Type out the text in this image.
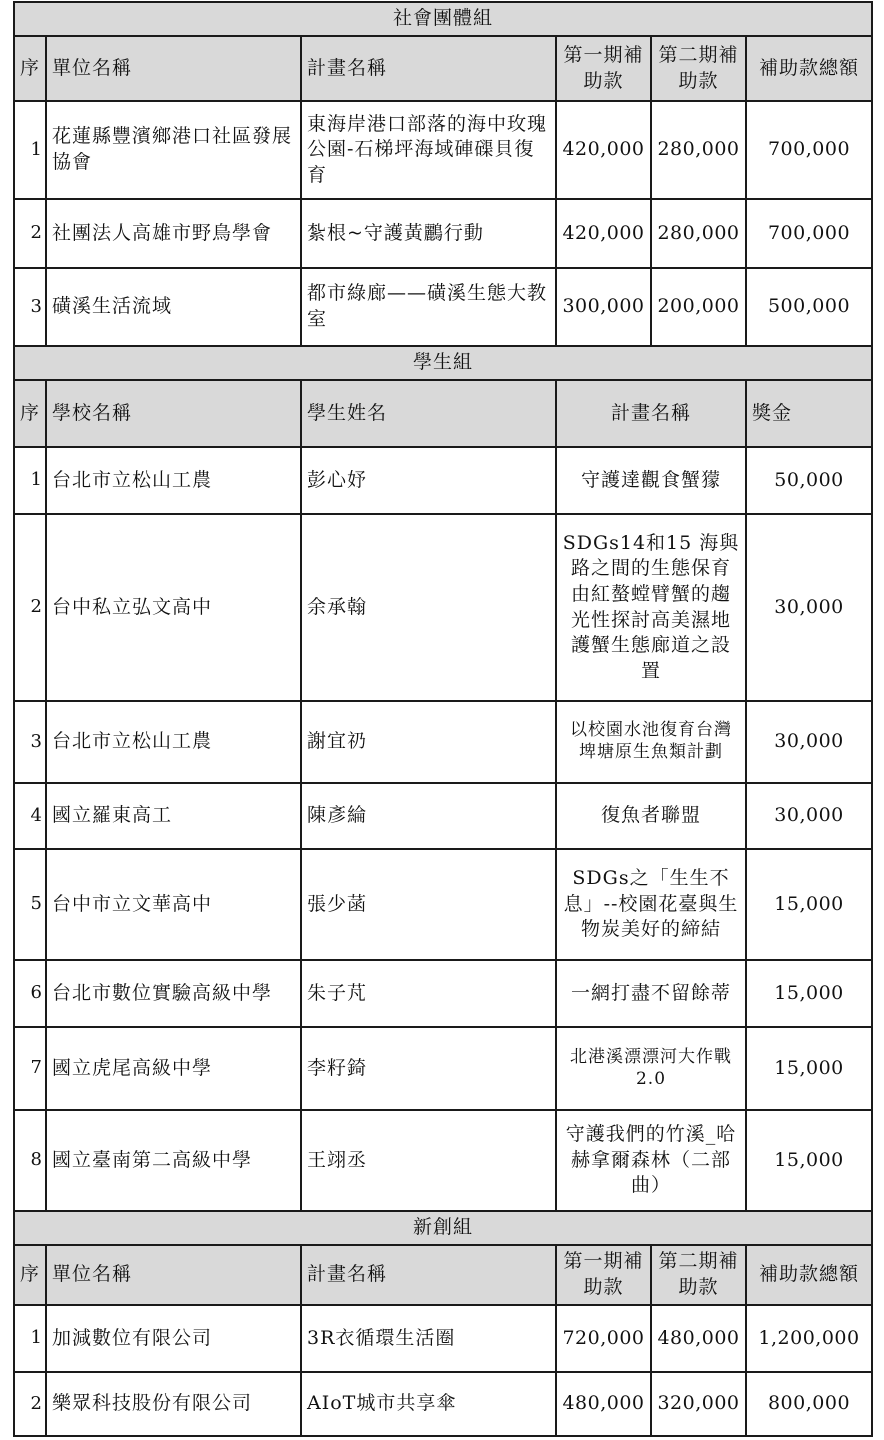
社會團體組					
序	單位名稱	計畫名稱	第一期補助款	第二期補助款	補助款總額
1	花蓮縣豐濱鄉港口社區發展協會	東海岸港口部落的海中玫瑰公園-石梯坪海域硨磲貝復育	420,000	280,000	700,000
2	社團法人高雄市野鳥學會	紮根~守護黃鸝行動	420,000	280,000	700,000
3	磺溪生活流域	都市綠廊——磺溪生態大教室	300,000	200,000	500,000
學生組					
序	學校名稱	學生姓名	計畫名稱		獎金
1	台北市立松山工農	彭心妤	守護達觀食蟹獴		50,000
2	台中私立弘文高中	余承翰	SDGs14和15 海與路之間的生態保育由紅螯螳臂蟹的趨光性探討高美濕地護蟹生態廊道之設置		30,000
3	台北市立松山工農	謝宜礽	以校園水池復育台灣埤塘原生魚類計劃		30,000
4	國立羅東高工	陳彥綸	復魚者聯盟		30,000
5	台中市立文華高中	張少菡	SDGs之「生生不息」--校園花臺與生物炭美好的締結		15,000
6	台北市數位實驗高級中學	朱子芃	一網打盡不留餘蒂		15,000
7	國立虎尾高級中學	李籽錡	北港溪漂漂河大作戰2.0		15,000
8	國立臺南第二高級中學	王翊丞	守護我們的竹溪_哈赫拿爾森林（二部曲）		15,000
新創組					
序	單位名稱	計畫名稱	第一期補助款	第二期補助款	補助款總額
1	加減數位有限公司	3R衣循環生活圈	720,000	480,000	1,200,000
2	樂眾科技股份有限公司	AIoT城市共享傘	480,000	320,000	800,000
